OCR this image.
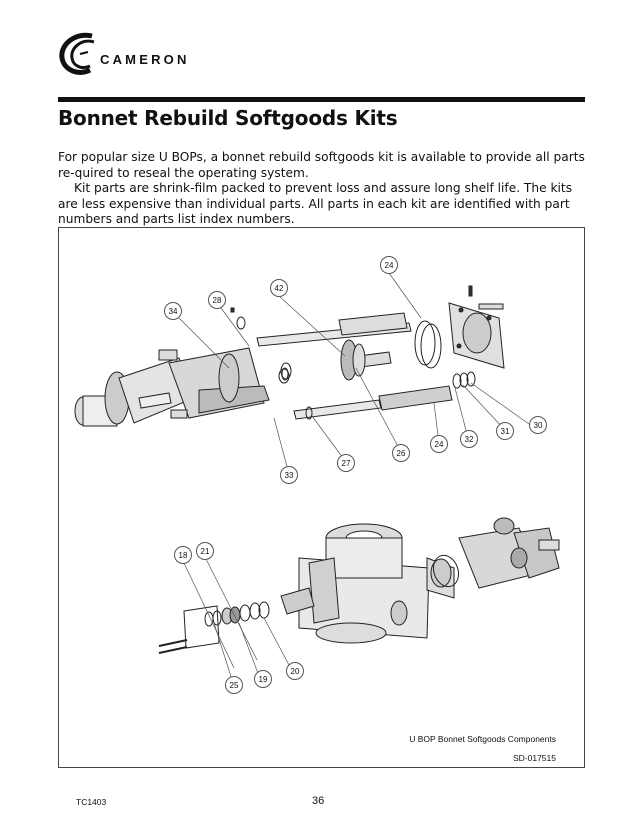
CAMERON
Bonnet Rebuild Softgoods Kits

For popular size U BOPs, a bonnet rebuild softgoods kit is available to provide all parts re-quired to reseal the operating system.

Kit parts are shrink-film packed to prevent loss and assure long shelf life. The kits are less expensive than individual parts. All parts in each kit are identified with part numbers and parts list index numbers.

24
42
28
34
30
31
32
24
26
27
33
18	21
20
19
25
U BOP Bonnet Softgoods Components
SD-017515
TC1403	36
